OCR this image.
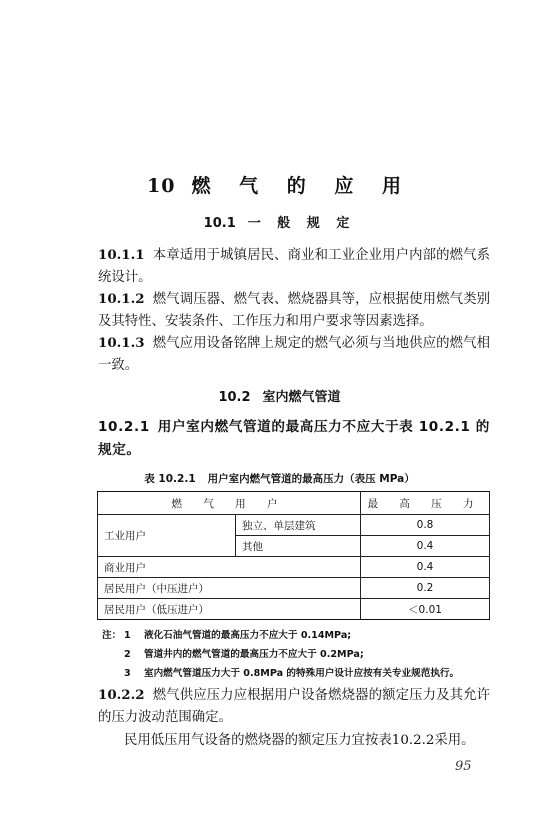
10 燃 气 的 应 用
10.1 一 般 规 定
10.1.1 本章适用于城镇居民、商业和工业企业用户内部的燃气系统设计。
10.1.2 燃气调压器、燃气表、燃烧器具等，应根据使用燃气类别及其特性、安装条件、工作压力和用户要求等因素选择。
10.1.3 燃气应用设备铭牌上规定的燃气必须与当地供应的燃气相一致。
10.2 室内燃气管道
10.2.1 用户室内燃气管道的最高压力不应大于表 10.2.1 的规定。
表 10.2.1 用户室内燃气管道的最高压力（表压 MPa）
燃 气 用 户		最 高 压 力
工业用户	独立、单层建筑	0.8
	其他	0.4
商业用户		0.4
居民用户（中压进户）		0.2
居民用户（低压进户）		＜0.01
注： 1 液化石油气管道的最高压力不应大于 0.14MPa;
2 管道井内的燃气管道的最高压力不应大于 0.2MPa;
3 室内燃气管道压力大于 0.8MPa 的特殊用户设计应按有关专业规范执行。
10.2.2 燃气供应压力应根据用户设备燃烧器的额定压力及其允许的压力波动范围确定。
民用低压用气设备的燃烧器的额定压力宜按表10.2.2采用。
95
